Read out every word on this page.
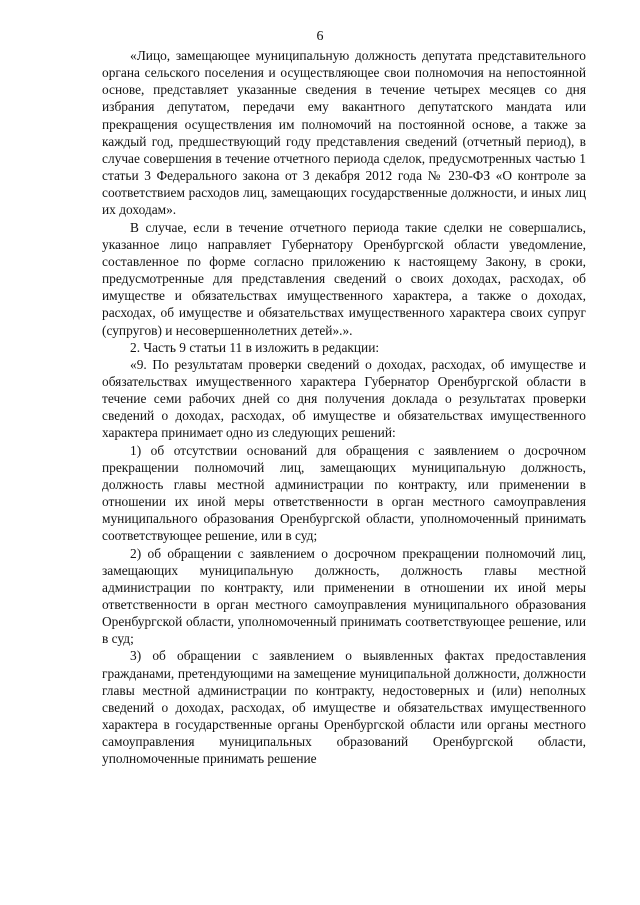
6

«Лицо, замещающее муниципальную должность депутата представительного органа сельского поселения и осуществляющее свои полномочия на непостоянной основе, представляет указанные сведения в течение четырех месяцев со дня избрания депутатом, передачи ему вакантного депутатского мандата или прекращения осуществления им полномочий на постоянной основе, а также за каждый год, предшествующий году представления сведений (отчетный период), в случае совершения в течение отчетного периода сделок, предусмотренных частью 1 статьи 3 Федерального закона от 3 декабря 2012 года № 230-ФЗ «О контроле за соответствием расходов лиц, замещающих государственные должности, и иных лиц их доходам».

В случае, если в течение отчетного периода такие сделки не совершались, указанное лицо направляет Губернатору Оренбургской области уведомление, составленное по форме согласно приложению к настоящему Закону, в сроки, предусмотренные для представления сведений о своих доходах, расходах, об имуществе и обязательствах имущественного характера, а также о доходах, расходах, об имуществе и обязательствах имущественного характера своих супруг (супругов) и несовершеннолетних детей».».

2. Часть 9 статьи 11 в изложить в редакции:

«9. По результатам проверки сведений о доходах, расходах, об имуществе и обязательствах имущественного характера Губернатор Оренбургской области в течение семи рабочих дней со дня получения доклада о результатах проверки сведений о доходах, расходах, об имуществе и обязательствах имущественного характера принимает одно из следующих решений:

1) об отсутствии оснований для обращения с заявлением о досрочном прекращении полномочий лиц, замещающих муниципальную должность, должность главы местной администрации по контракту, или применении в отношении их иной меры ответственности в орган местного самоуправления муниципального образования Оренбургской области, уполномоченный принимать соответствующее решение, или в суд;

2) об обращении с заявлением о досрочном прекращении полномочий лиц, замещающих муниципальную должность, должность главы местной администрации по контракту, или применении в отношении их иной меры ответственности в орган местного самоуправления муниципального образования Оренбургской области, уполномоченный принимать соответствующее решение, или в суд;

3) об обращении с заявлением о выявленных фактах предоставления гражданами, претендующими на замещение муниципальной должности, должности главы местной администрации по контракту, недостоверных и (или) неполных сведений о доходах, расходах, об имуществе и обязательствах имущественного характера в государственные органы Оренбургской области или органы местного самоуправления муниципальных образований Оренбургской области, уполномоченные принимать решение
